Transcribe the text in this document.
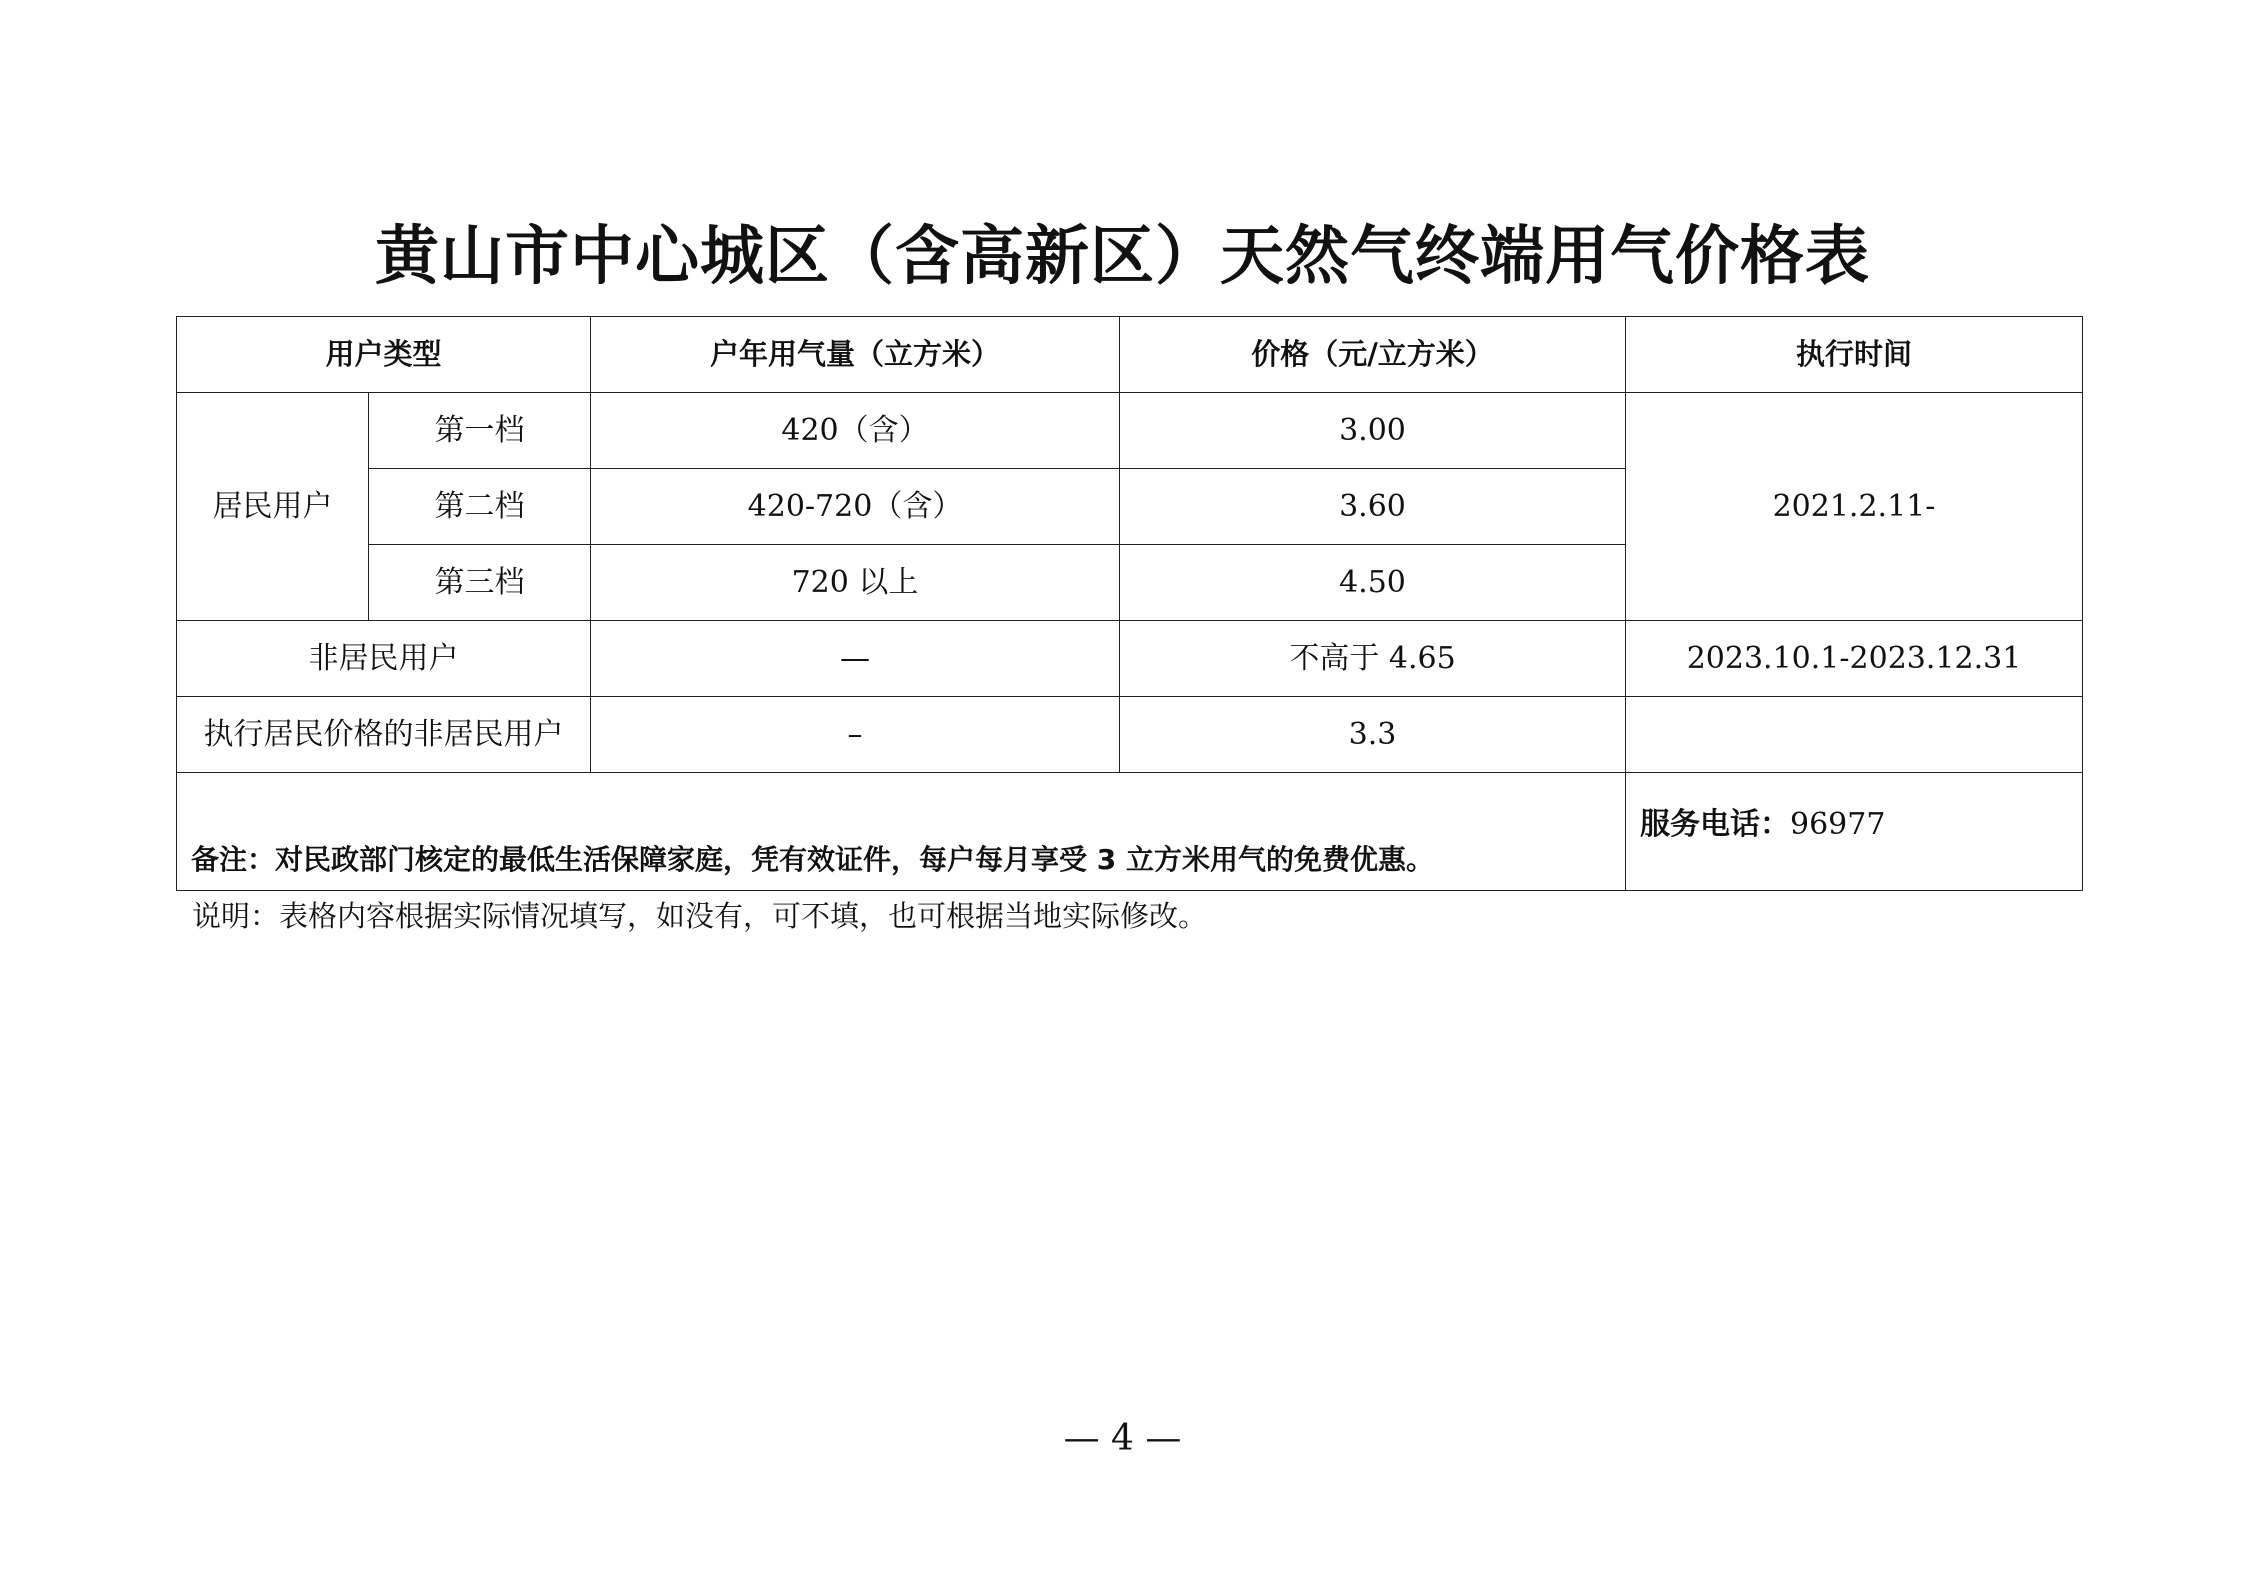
黄山市中心城区（含高新区）天然气终端用气价格表
用户类型		户年用气量（立方米）	价格（元/立方米）	执行时间
居民用户	第一档	420（含）	3.00	2021.2.11-
	第二档	420-720（含）	3.60	
	第三档	720 以上	4.50	
非居民用户		—	不高于 4.65	2023.10.1-2023.12.31
执行居民价格的非居民用户		–	3.3	
备注：对民政部门核定的最低生活保障家庭，凭有效证件，每户每月享受 3 立方米用气的免费优惠。				服务电话：96977
说明：表格内容根据实际情况填写，如没有，可不填，也可根据当地实际修改。
— 4 —
